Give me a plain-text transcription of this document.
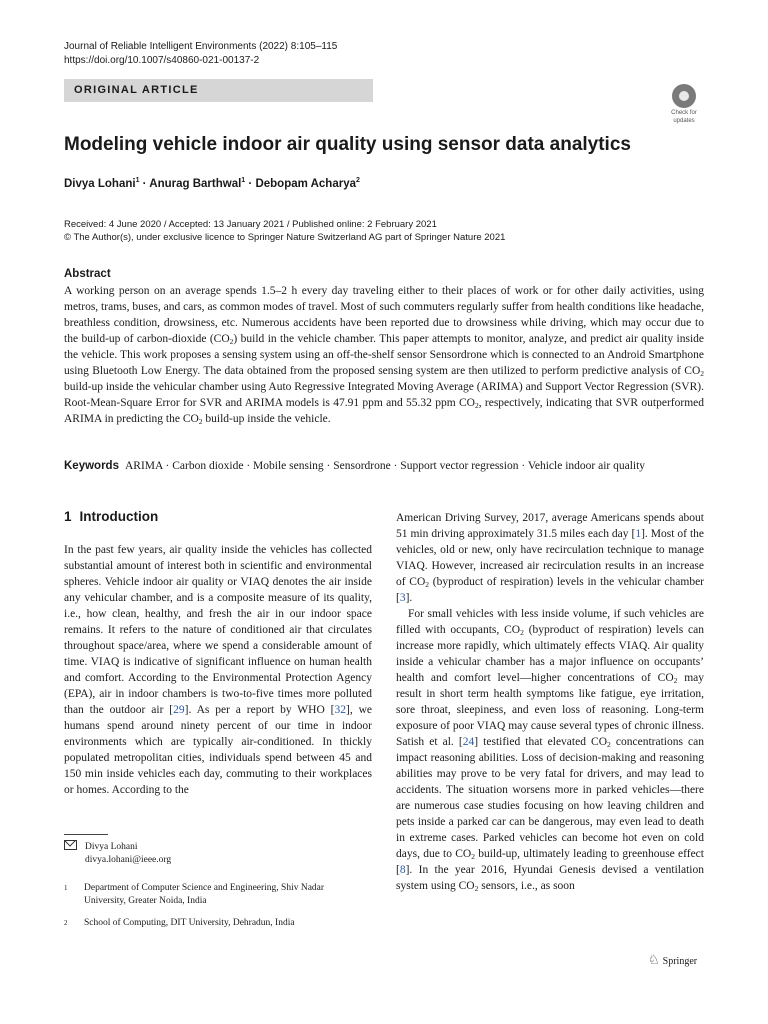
Journal of Reliable Intelligent Environments (2022) 8:105–115
https://doi.org/10.1007/s40860-021-00137-2
ORIGINAL ARTICLE
Check for
updates
Modeling vehicle indoor air quality using sensor data analytics
Divya Lohani$^1$ · Anurag Barthwal$^1$ · Debopam Acharya$^2$
Received: 4 June 2020 / Accepted: 13 January 2021 / Published online: 2 February 2021
© The Author(s), under exclusive licence to Springer Nature Switzerland AG part of Springer Nature 2021
Abstract

A working person on an average spends 1.5–2 h every day traveling either to their places of work or for other daily activities, using metros, trams, buses, and cars, as common modes of travel. Most of such commuters regularly suffer from health conditions like headache, breathless condition, drowsiness, etc. Numerous accidents have been reported due to drowsiness while driving, which may occur due to the build-up of carbon-dioxide $(CO_2)$ build in the vehicle chamber. This paper attempts to monitor, analyze, and predict air quality inside the vehicle. This work proposes a sensing system using an off-the-shelf sensor Sensordrone which is connected to an Android Smartphone using Bluetooth Low Energy. The data obtained from the proposed sensing system are then utilized to perform predictive analysis of $CO_2$ build-up inside the vehicular chamber using Auto Regressive Integrated Moving Average (ARIMA) and Support Vector Regression (SVR). Root-Mean-Square Error for SVR and ARIMA models is 47.91 ppm and 55.32 ppm $CO_2$, respectively, indicating that SVR outperformed ARIMA in predicting the $CO_2$ build-up inside the vehicle.

Keywords ARIMA · Carbon dioxide · Mobile sensing · Sensordrone · Support vector regression · Vehicle indoor air quality
1 Introduction

In the past few years, air quality inside the vehicles has collected substantial amount of interest both in scientific and environmental spheres. Vehicle indoor air quality or VIAQ denotes the air inside any vehicular chamber, and is a composite measure of its quality, i.e., how clean, healthy, and fresh the air in our indoor space remains. It refers to the nature of conditioned air that circulates throughout space/area, where we spend a considerable amount of time. VIAQ is indicative of significant influence on human health and comfort. According to the Environmental Protection Agency (EPA), air in indoor chambers is two-to-five times more polluted than the outdoor air [29]. As per a report by WHO [32], we humans spend around ninety percent of our time in indoor environments which are typically air-conditioned. In thickly populated metropolitan cities, individuals spend between 45 and 150 min inside vehicles each day, commuting to their workplaces or homes. According to the

American Driving Survey, 2017, average Americans spends about 51 min driving approximately 31.5 miles each day [1]. Most of the vehicles, old or new, only have recirculation technique to manage VIAQ. However, increased air recirculation results in an increase of $CO_2$ (byproduct of respiration) levels in the vehicular chamber [3].
For small vehicles with less inside volume, if such vehicles are filled with occupants, $CO_2$ (byproduct of respiration) levels can increase more rapidly, which ultimately effects VIAQ. Air quality inside a vehicular chamber has a major influence on occupants’ health and comfort level—higher concentrations of $CO_2$ may result in short term health symptoms like fatigue, eye irritation, sore throat, sleepiness, and even loss of reasoning. Long-term exposure of poor VIAQ may cause several types of chronic illness. Satish et al. [24] testified that elevated $CO_2$ concentrations can impact reasoning abilities. Loss of decision-making and reasoning abilities may prove to be very fatal for drivers, and may lead to accidents. The situation worsens more in parked vehicles—there are numerous case studies focusing on how leaving children and pets inside a parked car can be dangerous, may even lead to death in extreme cases. Parked vehicles can become hot even on cold days, due to $CO_2$ build-up, ultimately leading to greenhouse effect [8]. In the year 2016, Hyundai Genesis devised a ventilation system using $CO_2$ sensors, i.e., as soon

Divya Lohani
divya.lohani@ieee.org
1 Department of Computer Science and Engineering, Shiv Nadar University, Greater Noida, India
2 School of Computing, DIT University, Dehradun, India
♘ Springer
